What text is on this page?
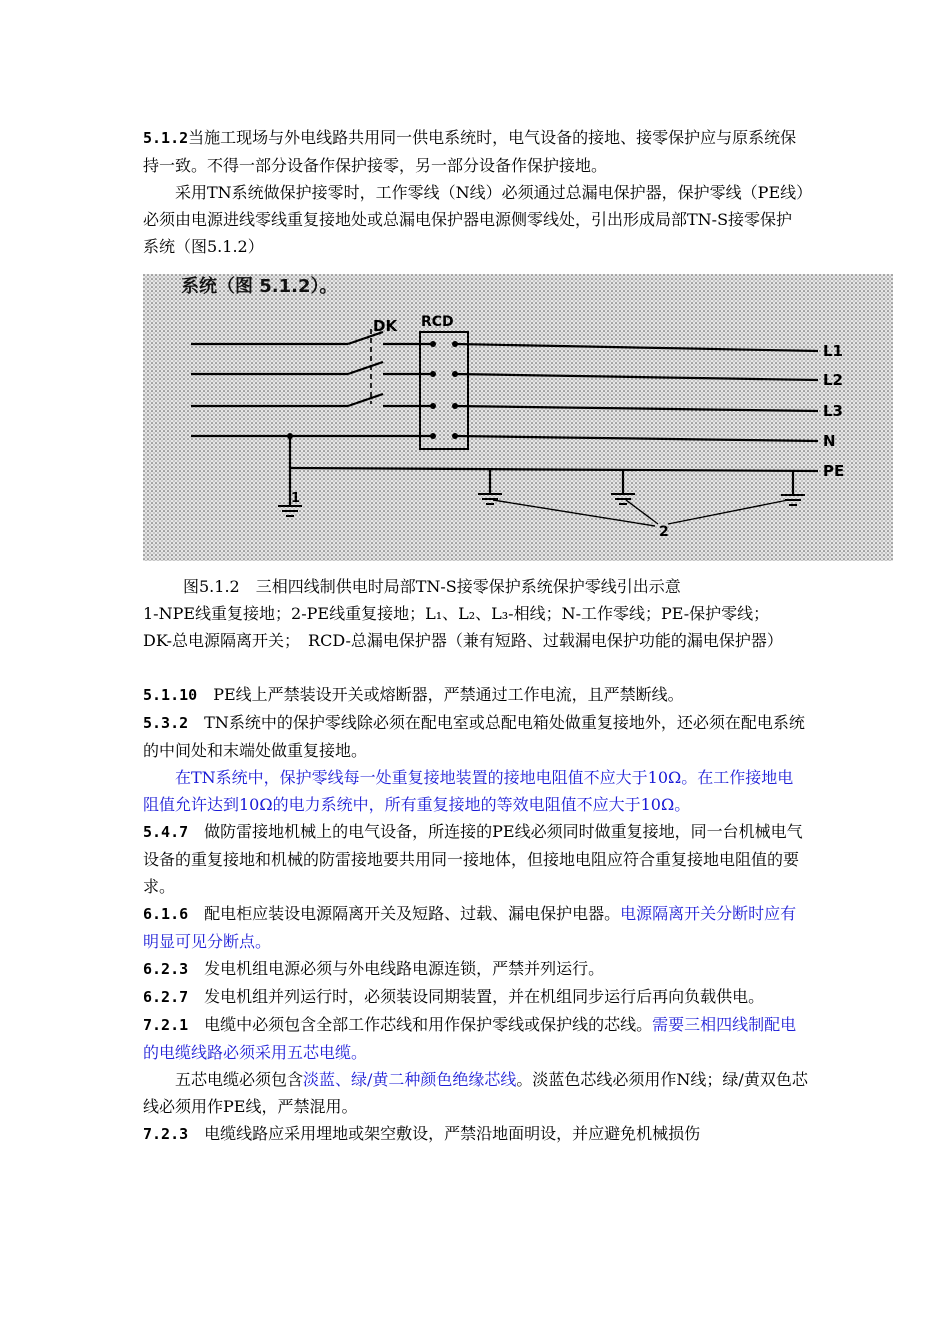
5.1.2当施工现场与外电线路共用同一供电系统时，电气设备的接地、接零保护应与原系统保持一致。不得一部分设备作保护接零，另一部分设备作保护接地。

采用TN系统做保护接零时，工作零线（N线）必须通过总漏电保护器，保护零线（PE线）必须由电源进线零线重复接地处或总漏电保护器电源侧零线处，引出形成局部TN-S接零保护系统（图5.1.2）

系统（图 5.1.2）。
DK RCD
L1
L2
L3
N
PE
1
2

图5.1.2　三相四线制供电时局部TN-S接零保护系统保护零线引出示意

1-NPE线重复接地；2-PE线重复接地；L₁、L₂、L₃-相线；N-工作零线；PE-保护零线；

DK-总电源隔离开关；　RCD-总漏电保护器（兼有短路、过载漏电保护功能的漏电保护器）

5.1.10　PE线上严禁装设开关或熔断器，严禁通过工作电流，且严禁断线。

5.3.2　TN系统中的保护零线除必须在配电室或总配电箱处做重复接地外，还必须在配电系统的中间处和末端处做重复接地。

在TN系统中，保护零线每一处重复接地装置的接地电阻值不应大于10Ω。在工作接地电阻值允许达到10Ω的电力系统中，所有重复接地的等效电阻值不应大于10Ω。

5.4.7　做防雷接地机械上的电气设备，所连接的PE线必须同时做重复接地，同一台机械电气设备的重复接地和机械的防雷接地要共用同一接地体，但接地电阻应符合重复接地电阻值的要求。

6.1.6　配电柜应装设电源隔离开关及短路、过载、漏电保护电器。电源隔离开关分断时应有明显可见分断点。

6.2.3　发电机组电源必须与外电线路电源连锁，严禁并列运行。

6.2.7　发电机组并列运行时，必须装设同期装置，并在机组同步运行后再向负载供电。

7.2.1　电缆中必须包含全部工作芯线和用作保护零线或保护线的芯线。需要三相四线制配电的电缆线路必须采用五芯电缆。

五芯电缆必须包含淡蓝、绿/黄二种颜色绝缘芯线。淡蓝色芯线必须用作N线；绿/黄双色芯线必须用作PE线，严禁混用。

7.2.3　电缆线路应采用埋地或架空敷设，严禁沿地面明设，并应避免机械损伤
